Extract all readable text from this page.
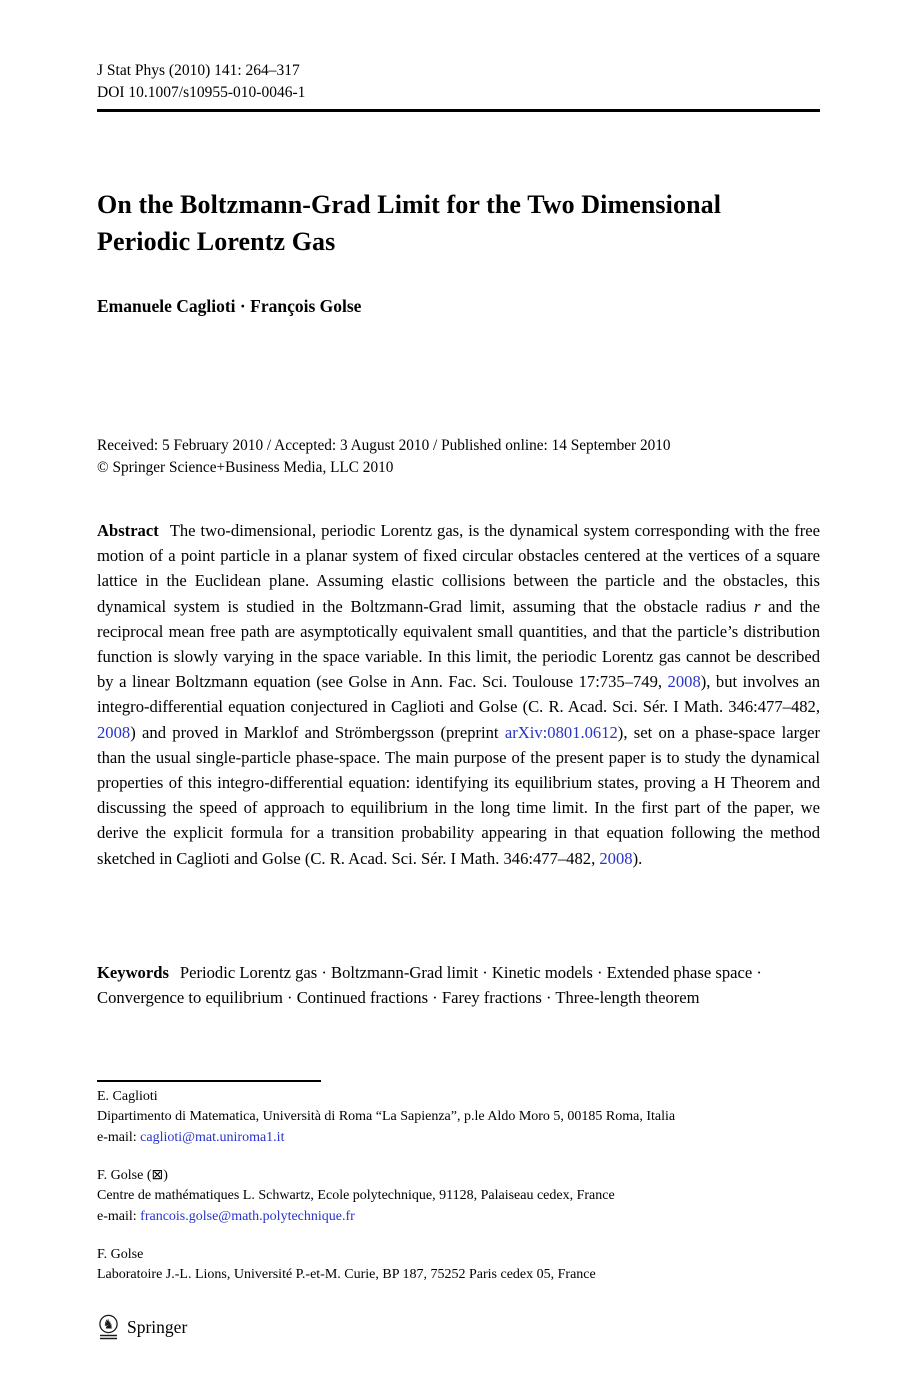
J Stat Phys (2010) 141: 264–317
DOI 10.1007/s10955-010-0046-1
On the Boltzmann-Grad Limit for the Two Dimensional Periodic Lorentz Gas
Emanuele Caglioti · François Golse
Received: 5 February 2010 / Accepted: 3 August 2010 / Published online: 14 September 2010
© Springer Science+Business Media, LLC 2010
Abstract The two-dimensional, periodic Lorentz gas, is the dynamical system corresponding with the free motion of a point particle in a planar system of fixed circular obstacles centered at the vertices of a square lattice in the Euclidean plane. Assuming elastic collisions between the particle and the obstacles, this dynamical system is studied in the Boltzmann-Grad limit, assuming that the obstacle radius r and the reciprocal mean free path are asymptotically equivalent small quantities, and that the particle’s distribution function is slowly varying in the space variable. In this limit, the periodic Lorentz gas cannot be described by a linear Boltzmann equation (see Golse in Ann. Fac. Sci. Toulouse 17:735–749, 2008), but involves an integro-differential equation conjectured in Caglioti and Golse (C. R. Acad. Sci. Sér. I Math. 346:477–482, 2008) and proved in Marklof and Strömbergsson (preprint arXiv:0801.0612), set on a phase-space larger than the usual single-particle phase-space. The main purpose of the present paper is to study the dynamical properties of this integro-differential equation: identifying its equilibrium states, proving a H Theorem and discussing the speed of approach to equilibrium in the long time limit. In the first part of the paper, we derive the explicit formula for a transition probability appearing in that equation following the method sketched in Caglioti and Golse (C. R. Acad. Sci. Sér. I Math. 346:477–482, 2008).
Keywords Periodic Lorentz gas · Boltzmann-Grad limit · Kinetic models · Extended phase space · Convergence to equilibrium · Continued fractions · Farey fractions · Three-length theorem
E. Caglioti
Dipartimento di Matematica, Università di Roma “La Sapienza”, p.le Aldo Moro 5, 00185 Roma, Italia
e-mail: caglioti@mat.uniroma1.it
F. Golse (⊠)
Centre de mathématiques L. Schwartz, Ecole polytechnique, 91128, Palaiseau cedex, France
e-mail: francois.golse@math.polytechnique.fr
F. Golse
Laboratoire J.-L. Lions, Université P.-et-M. Curie, BP 187, 75252 Paris cedex 05, France
♞ Springer
